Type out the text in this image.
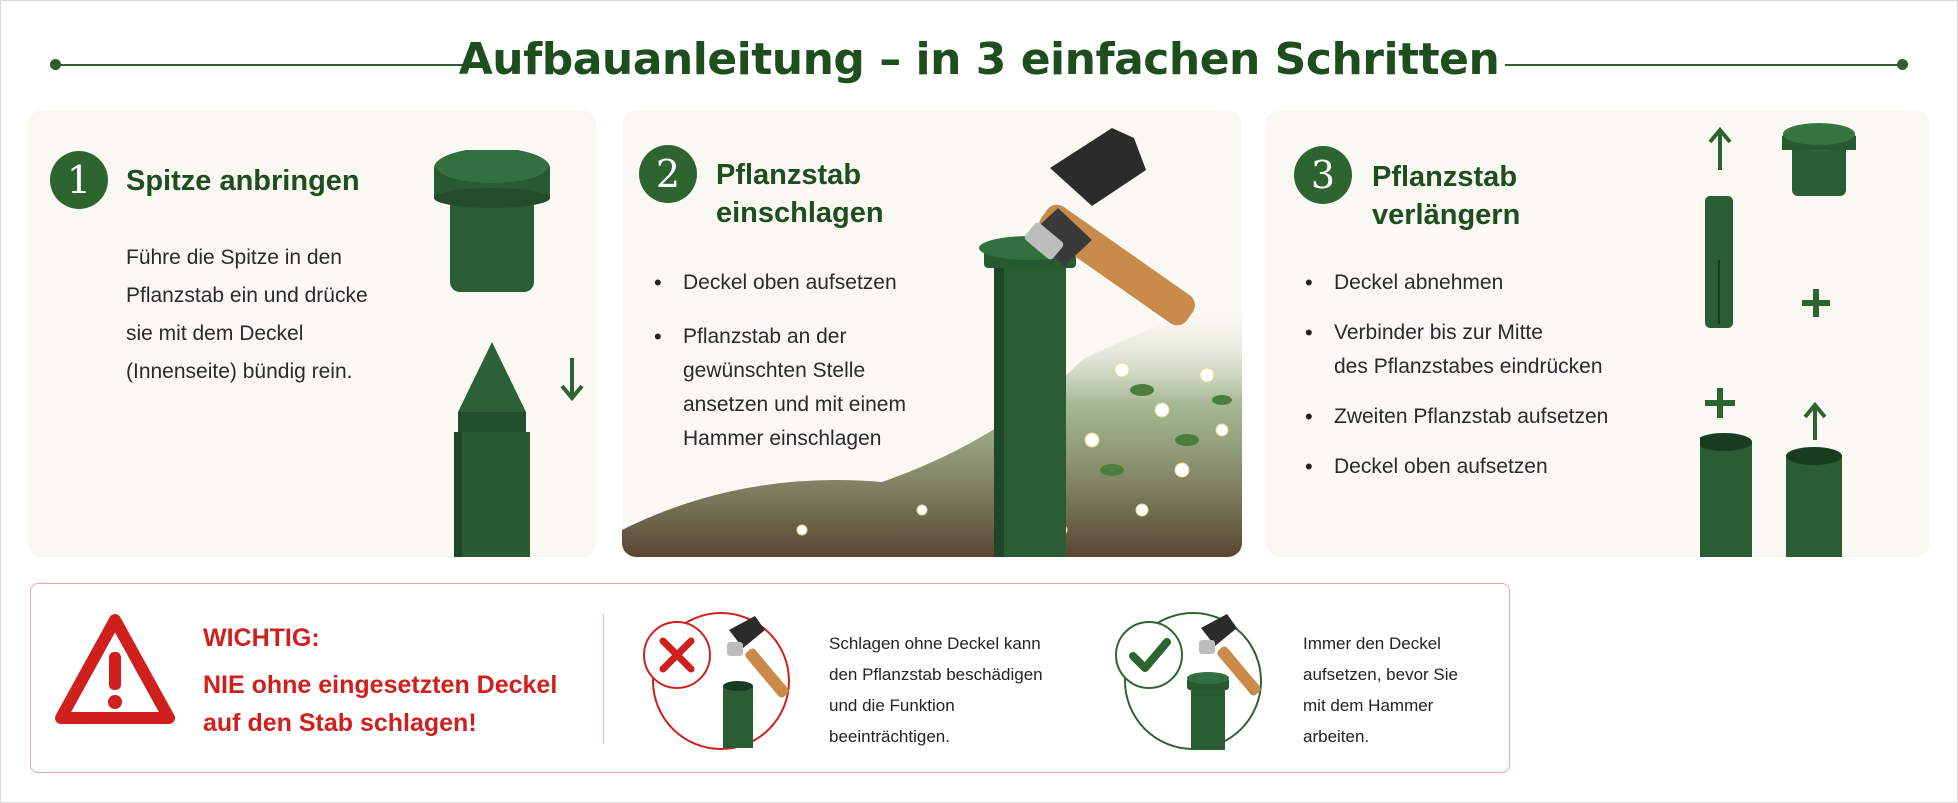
Aufbauanleitung – in 3 einfachen Schritten
1	Spitze anbringen
Führe die Spitze in den
Pflanzstab ein und drücke
sie mit dem Deckel
(Innenseite) bündig rein.
2	Pflanzstab
einschlagen
• Deckel oben aufsetzen
• Pflanzstab an der
gewünschten Stelle
ansetzen und mit einem
Hammer einschlagen
3	Pflanzstab
verlängern
• Deckel abnehmen
• Verbinder bis zur Mitte
des Pflanzstabes eindrücken
• Zweiten Pflanzstab aufsetzen
• Deckel oben aufsetzen
WICHTIG:
NIE ohne eingesetzten Deckel
auf den Stab schlagen!
Schlagen ohne Deckel kann
den Pflanzstab beschädigen
und die Funktion
beeinträchtigen.
Immer den Deckel
aufsetzen, bevor Sie
mit dem Hammer
arbeiten.
